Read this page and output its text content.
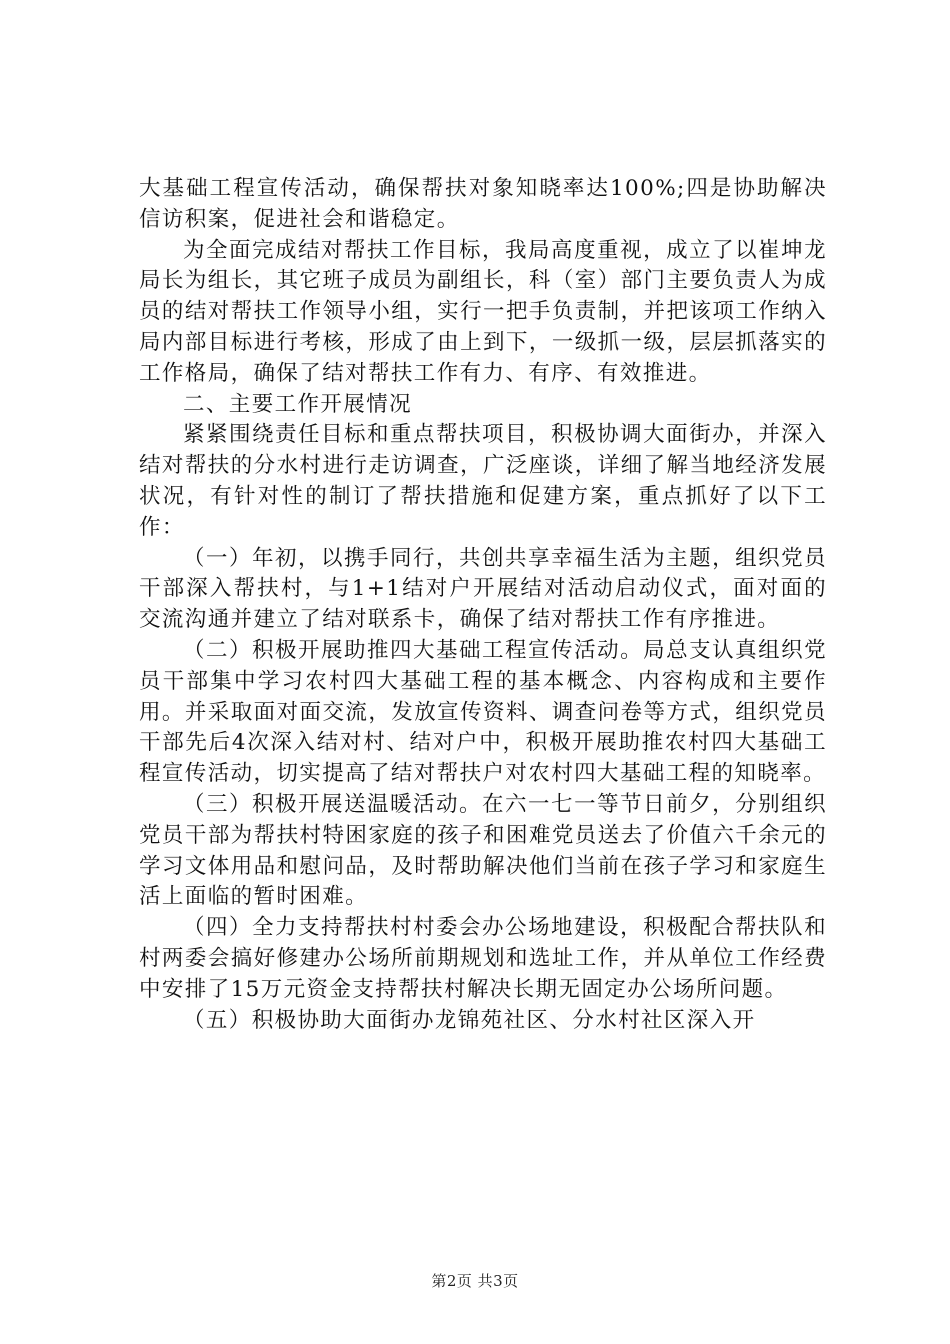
大基础工程宣传活动，确保帮扶对象知晓率达100%;四是协助解决信访积案，促进社会和谐稳定。

为全面完成结对帮扶工作目标，我局高度重视，成立了以崔坤龙局长为组长，其它班子成员为副组长，科（室）部门主要负责人为成员的结对帮扶工作领导小组，实行一把手负责制，并把该项工作纳入局内部目标进行考核，形成了由上到下，一级抓一级，层层抓落实的工作格局，确保了结对帮扶工作有力、有序、有效推进。

二、主要工作开展情况

紧紧围绕责任目标和重点帮扶项目，积极协调大面街办，并深入结对帮扶的分水村进行走访调查，广泛座谈，详细了解当地经济发展状况，有针对性的制订了帮扶措施和促建方案，重点抓好了以下工作：

（一）年初，以携手同行，共创共享幸福生活为主题，组织党员干部深入帮扶村，与1+1结对户开展结对活动启动仪式，面对面的交流沟通并建立了结对联系卡，确保了结对帮扶工作有序推进。

（二）积极开展助推四大基础工程宣传活动。局总支认真组织党员干部集中学习农村四大基础工程的基本概念、内容构成和主要作用。并采取面对面交流，发放宣传资料、调查问卷等方式，组织党员干部先后4次深入结对村、结对户中，积极开展助推农村四大基础工程宣传活动，切实提高了结对帮扶户对农村四大基础工程的知晓率。

（三）积极开展送温暖活动。在六一七一等节日前夕，分别组织党员干部为帮扶村特困家庭的孩子和困难党员送去了价值六千余元的学习文体用品和慰问品，及时帮助解决他们当前在孩子学习和家庭生活上面临的暂时困难。

（四）全力支持帮扶村村委会办公场地建设，积极配合帮扶队和村两委会搞好修建办公场所前期规划和选址工作，并从单位工作经费中安排了15万元资金支持帮扶村解决长期无固定办公场所问题。

（五）积极协助大面街办龙锦苑社区、分水村社区深入开

第2页 共3页
